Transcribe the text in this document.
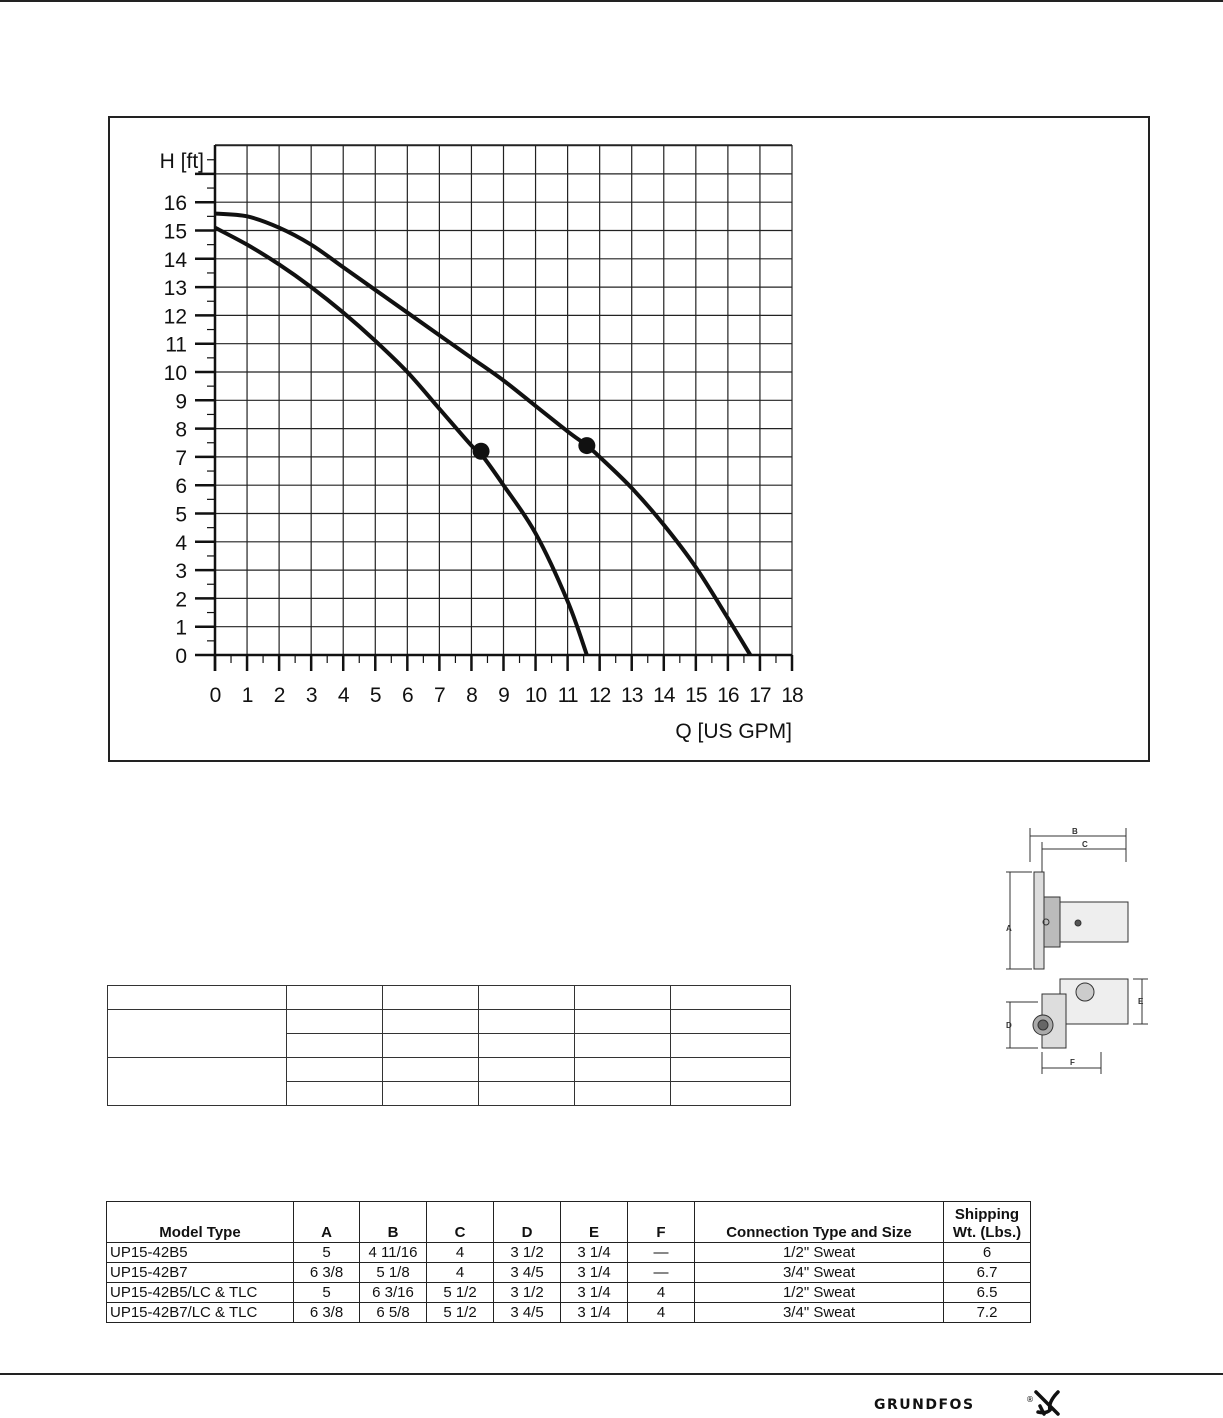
0
1
2
3
4
5
6
7
8
9
10
11
12
13
14
15
16
0 1 2 3 4 5 6 7 8 9 10 11 12 13 14 15 16 17 18
H [ft]
Q [US GPM]

B
C
A
E
D
F
Model Type	A	B	C	D	E	F	Connection Type and Size	Shipping
Wt. (Lbs.)
UP15-42B5	5	4 11/16	4	3 1/2	3 1/4	—	1/2" Sweat	6
UP15-42B7	6 3/8	5 1/8	4	3 4/5	3 1/4	—	3/4" Sweat	6.7
UP15-42B5/LC & TLC	5	6 3/16	5 1/2	3 1/2	3 1/4	4	1/2" Sweat	6.5
UP15-42B7/LC & TLC	6 3/8	6 5/8	5 1/2	3 4/5	3 1/4	4	3/4" Sweat	7.2
GRUNDFOS	®
